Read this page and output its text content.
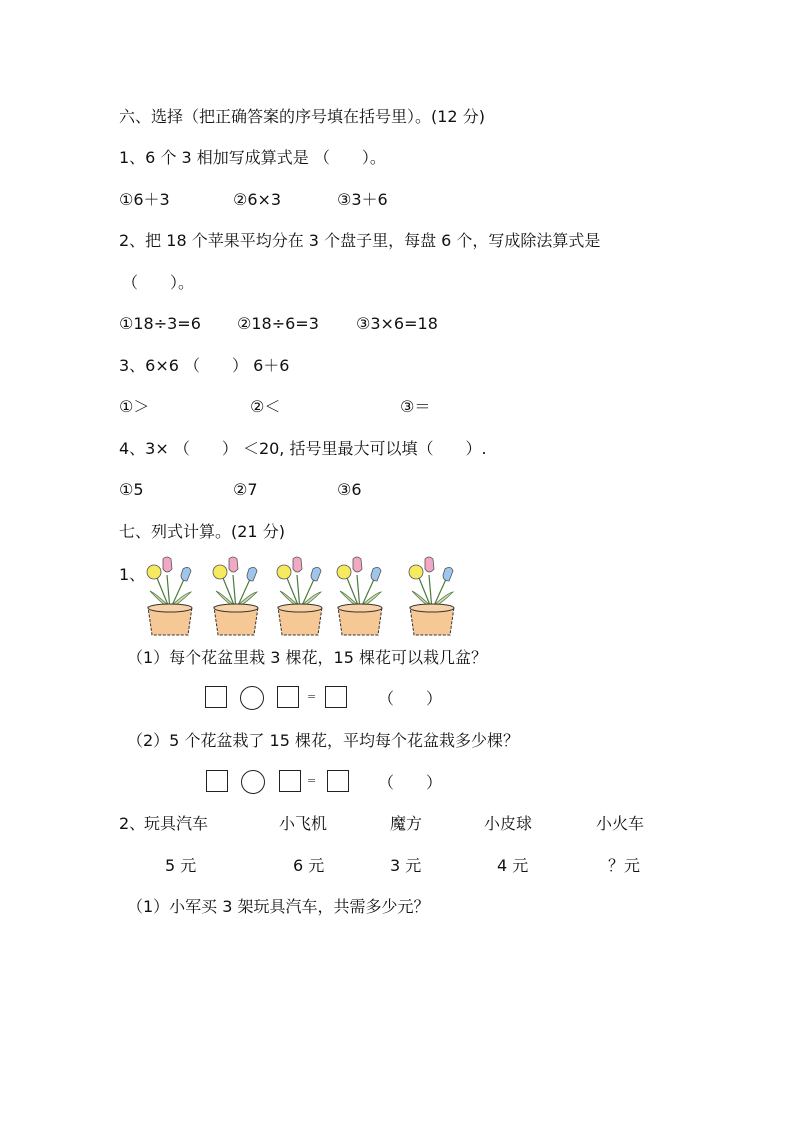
六、选择（把正确答案的序号填在括号里）。(12 分)
1、6 个 3 相加写成算式是 （　　）。
①6＋3	②6×3	③3＋6
2、把 18 个苹果平均分在 3 个盘子里，每盘 6 个，写成除法算式是
（　　）。
①18÷3=6 ②18÷6=3 ③3×6=18
3、6×6 （　　） 6＋6
①＞	②＜	③＝
4、3× （　　） ＜20, 括号里最大可以填（　　）.
①5	②7	③6
七、列式计算。(21 分)
1、
（1）每个花盆里栽 3 棵花，15 棵花可以栽几盆？
=	（　　）
（2）5 个花盆栽了 15 棵花，平均每个花盆栽多少棵？
=	（　　）
2、
玩具汽车	小飞机	魔方	小皮球	小火车
5 元	6 元	3 元	4 元	？元
（1）小军买 3 架玩具汽车，共需多少元？
